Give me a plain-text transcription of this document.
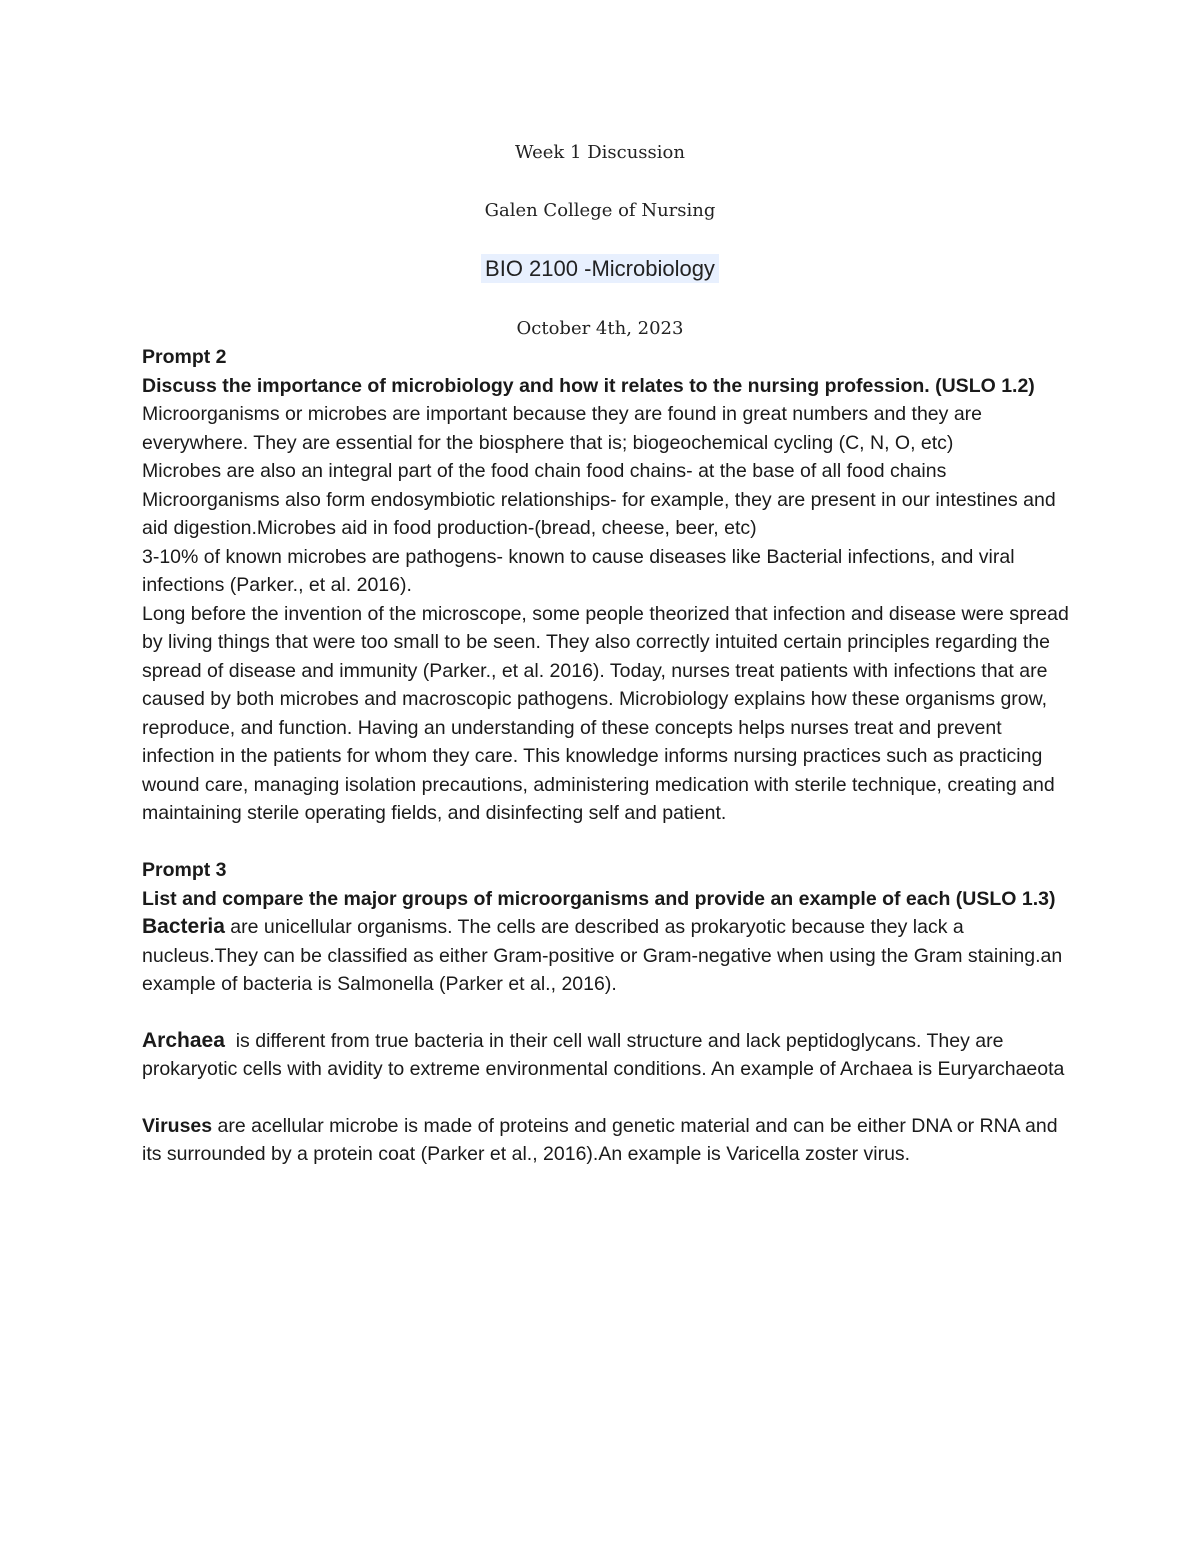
Week 1 Discussion
Galen College of Nursing
BIO 2100 -Microbiology
October 4th, 2023

Prompt 2

Discuss the importance of microbiology and how it relates to the nursing profession. (USLO 1.2)

Microorganisms or microbes are important because they are found in great numbers and they are everywhere. They are essential for the biosphere that is; biogeochemical cycling (C, N, O, etc)

Microbes are also an integral part of the food chain food chains- at the base of all food chains

Microorganisms also form endosymbiotic relationships- for example, they are present in our intestines and aid digestion.Microbes aid in food production-(bread, cheese, beer, etc)

3-10% of known microbes are pathogens- known to cause diseases like Bacterial infections, and viral infections (Parker., et al. 2016).

Long before the invention of the microscope, some people theorized that infection and disease were spread by living things that were too small to be seen. They also correctly intuited certain principles regarding the spread of disease and immunity (Parker., et al. 2016). Today, nurses treat patients with infections that are caused by both microbes and macroscopic pathogens. Microbiology explains how these organisms grow, reproduce, and function. Having an understanding of these concepts helps nurses treat and prevent infection in the patients for whom they care. This knowledge informs nursing practices such as practicing wound care, managing isolation precautions, administering medication with sterile technique, creating and maintaining sterile operating fields, and disinfecting self and patient.

Prompt 3

List and compare the major groups of microorganisms and provide an example of each (USLO 1.3)

Bacteria are unicellular organisms. The cells are described as prokaryotic because they lack a nucleus.They can be classified as either Gram-positive or Gram-negative when using the Gram staining.an example of bacteria is Salmonella (Parker et al., 2016).

Archaea  is different from true bacteria in their cell wall structure and lack peptidoglycans. They are prokaryotic cells with avidity to extreme environmental conditions. An example of Archaea is Euryarchaeota

Viruses are acellular microbe is made of proteins and genetic material and can be either DNA or RNA and its surrounded by a protein coat (Parker et al., 2016).An example is Varicella zoster virus.
